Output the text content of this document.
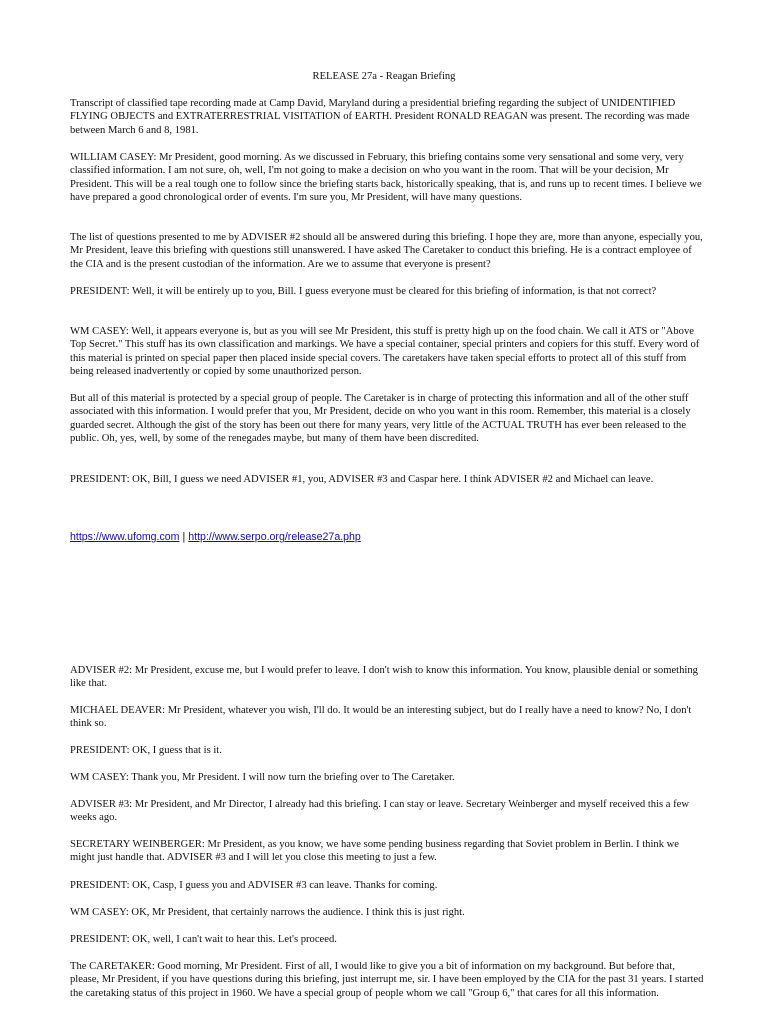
RELEASE 27a - Reagan Briefing

Transcript of classified tape recording made at Camp David, Maryland during a presidential briefing regarding the subject of UNIDENTIFIED FLYING OBJECTS and EXTRATERRESTRIAL VISITATION of EARTH. President RONALD REAGAN was present. The recording was made between March 6 and 8, 1981.

WILLIAM CASEY: Mr President, good morning. As we discussed in February, this briefing contains some very sensational and some very, very classified information. I am not sure, oh, well, I'm not going to make a decision on who you want in the room. That will be your decision, Mr President. This will be a real tough one to follow since the briefing starts back, historically speaking, that is, and runs up to recent times. I believe we have prepared a good chronological order of events. I'm sure you, Mr President, will have many questions.

The list of questions presented to me by ADVISER #2 should all be answered during this briefing. I hope they are, more than anyone, especially you, Mr President, leave this briefing with questions still unanswered. I have asked The Caretaker to conduct this briefing. He is a contract employee of the CIA and is the present custodian of the information. Are we to assume that everyone is present?

PRESIDENT: Well, it will be entirely up to you, Bill. I guess everyone must be cleared for this briefing of information, is that not correct?

WM CASEY: Well, it appears everyone is, but as you will see Mr President, this stuff is pretty high up on the food chain. We call it ATS or "Above Top Secret." This stuff has its own classification and markings. We have a special container, special printers and copiers for this stuff. Every word of this material is printed on special paper then placed inside special covers. The caretakers have taken special efforts to protect all of this stuff from being released inadvertently or copied by some unauthorized person.

But all of this material is protected by a special group of people. The Caretaker is in charge of protecting this information and all of the other stuff associated with this information. I would prefer that you, Mr President, decide on who you want in this room. Remember, this material is a closely guarded secret. Although the gist of the story has been out there for many years, very little of the ACTUAL TRUTH has ever been released to the public. Oh, yes, well, by some of the renegades maybe, but many of them have been discredited.

PRESIDENT: OK, Bill, I guess we need ADVISER #1, you, ADVISER #3 and Caspar here. I think ADVISER #2 and Michael can leave.

https://www.ufomg.com | http://www.serpo.org/release27a.php

ADVISER #2: Mr President, excuse me, but I would prefer to leave. I don't wish to know this information. You know, plausible denial or something like that.

MICHAEL DEAVER: Mr President, whatever you wish, I'll do. It would be an interesting subject, but do I really have a need to know? No, I don't think so.

PRESIDENT: OK, I guess that is it.

WM CASEY: Thank you, Mr President. I will now turn the briefing over to The Caretaker.

ADVISER #3: Mr President, and Mr Director, I already had this briefing. I can stay or leave. Secretary Weinberger and myself received this a few weeks ago.

SECRETARY WEINBERGER: Mr President, as you know, we have some pending business regarding that Soviet problem in Berlin. I think we might just handle that. ADVISER #3 and I will let you close this meeting to just a few.

PRESIDENT: OK, Casp, I guess you and ADVISER #3 can leave. Thanks for coming.

WM CASEY: OK, Mr President, that certainly narrows the audience. I think this is just right.

PRESIDENT: OK, well, I can't wait to hear this. Let's proceed.

The CARETAKER: Good morning, Mr President. First of all, I would like to give you a bit of information on my background. But before that, please, Mr President, if you have questions during this briefing, just interrupt me, sir. I have been employed by the CIA for the past 31 years. I started the caretaking status of this project in 1960. We have a special group of people whom we call "Group 6," that cares for all this information.
